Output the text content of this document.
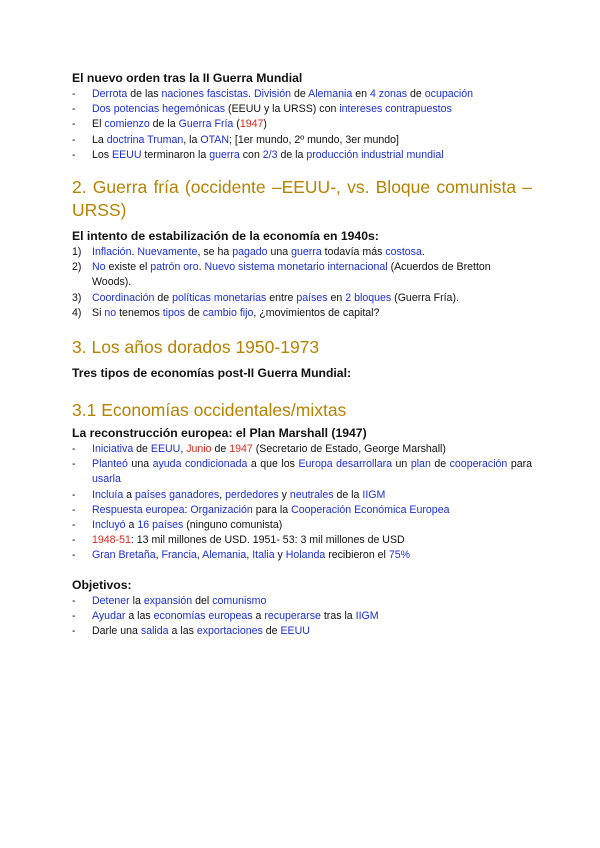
El nuevo orden tras la II Guerra Mundial

- Derrota de las naciones fascistas. División de Alemania en 4 zonas de ocupación
- Dos potencias hegemónicas (EEUU y la URSS) con intereses contrapuestos
- El comienzo de la Guerra Fría (1947)
- La doctrina Truman, la OTAN; [1er mundo, 2º mundo, 3er mundo]
- Los EEUU terminaron la guerra con 2/3 de la producción industrial mundial
2. Guerra fría (occidente –EEUU-, vs. Bloque comunista –URSS)

El intento de estabilización de la economía en 1940s:

1) Inflación. Nuevamente, se ha pagado una guerra todavía más costosa.
2) No existe el patrón oro. Nuevo sistema monetario internacional (Acuerdos de Bretton Woods).
3) Coordinación de políticas monetarias entre países en 2 bloques (Guerra Fría).
4) Si no tenemos tipos de cambio fijo, ¿movimientos de capital?
3. Los años dorados 1950-1973

Tres tipos de economías post-II Guerra Mundial:

3.1 Economías occidentales/mixtas

La reconstrucción europea: el Plan Marshall (1947)

- Iniciativa de EEUU, Junio de 1947 (Secretario de Estado, George Marshall)
- Planteó una ayuda condicionada a que los Europa desarrollara un plan de cooperación para usarla
- Incluía a países ganadores, perdedores y neutrales de la IIGM
- Respuesta europea: Organización para la Cooperación Económica Europea
- Incluyó a 16 países (ninguno comunista)
- 1948-51: 13 mil millones de USD. 1951- 53: 3 mil millones de USD
- Gran Bretaña, Francia, Alemania, Italia y Holanda recibieron el 75%

Objetivos:

- Detener la expansión del comunismo
- Ayudar a las economías europeas a recuperarse tras la IIGM
- Darle una salida a las exportaciones de EEUU
